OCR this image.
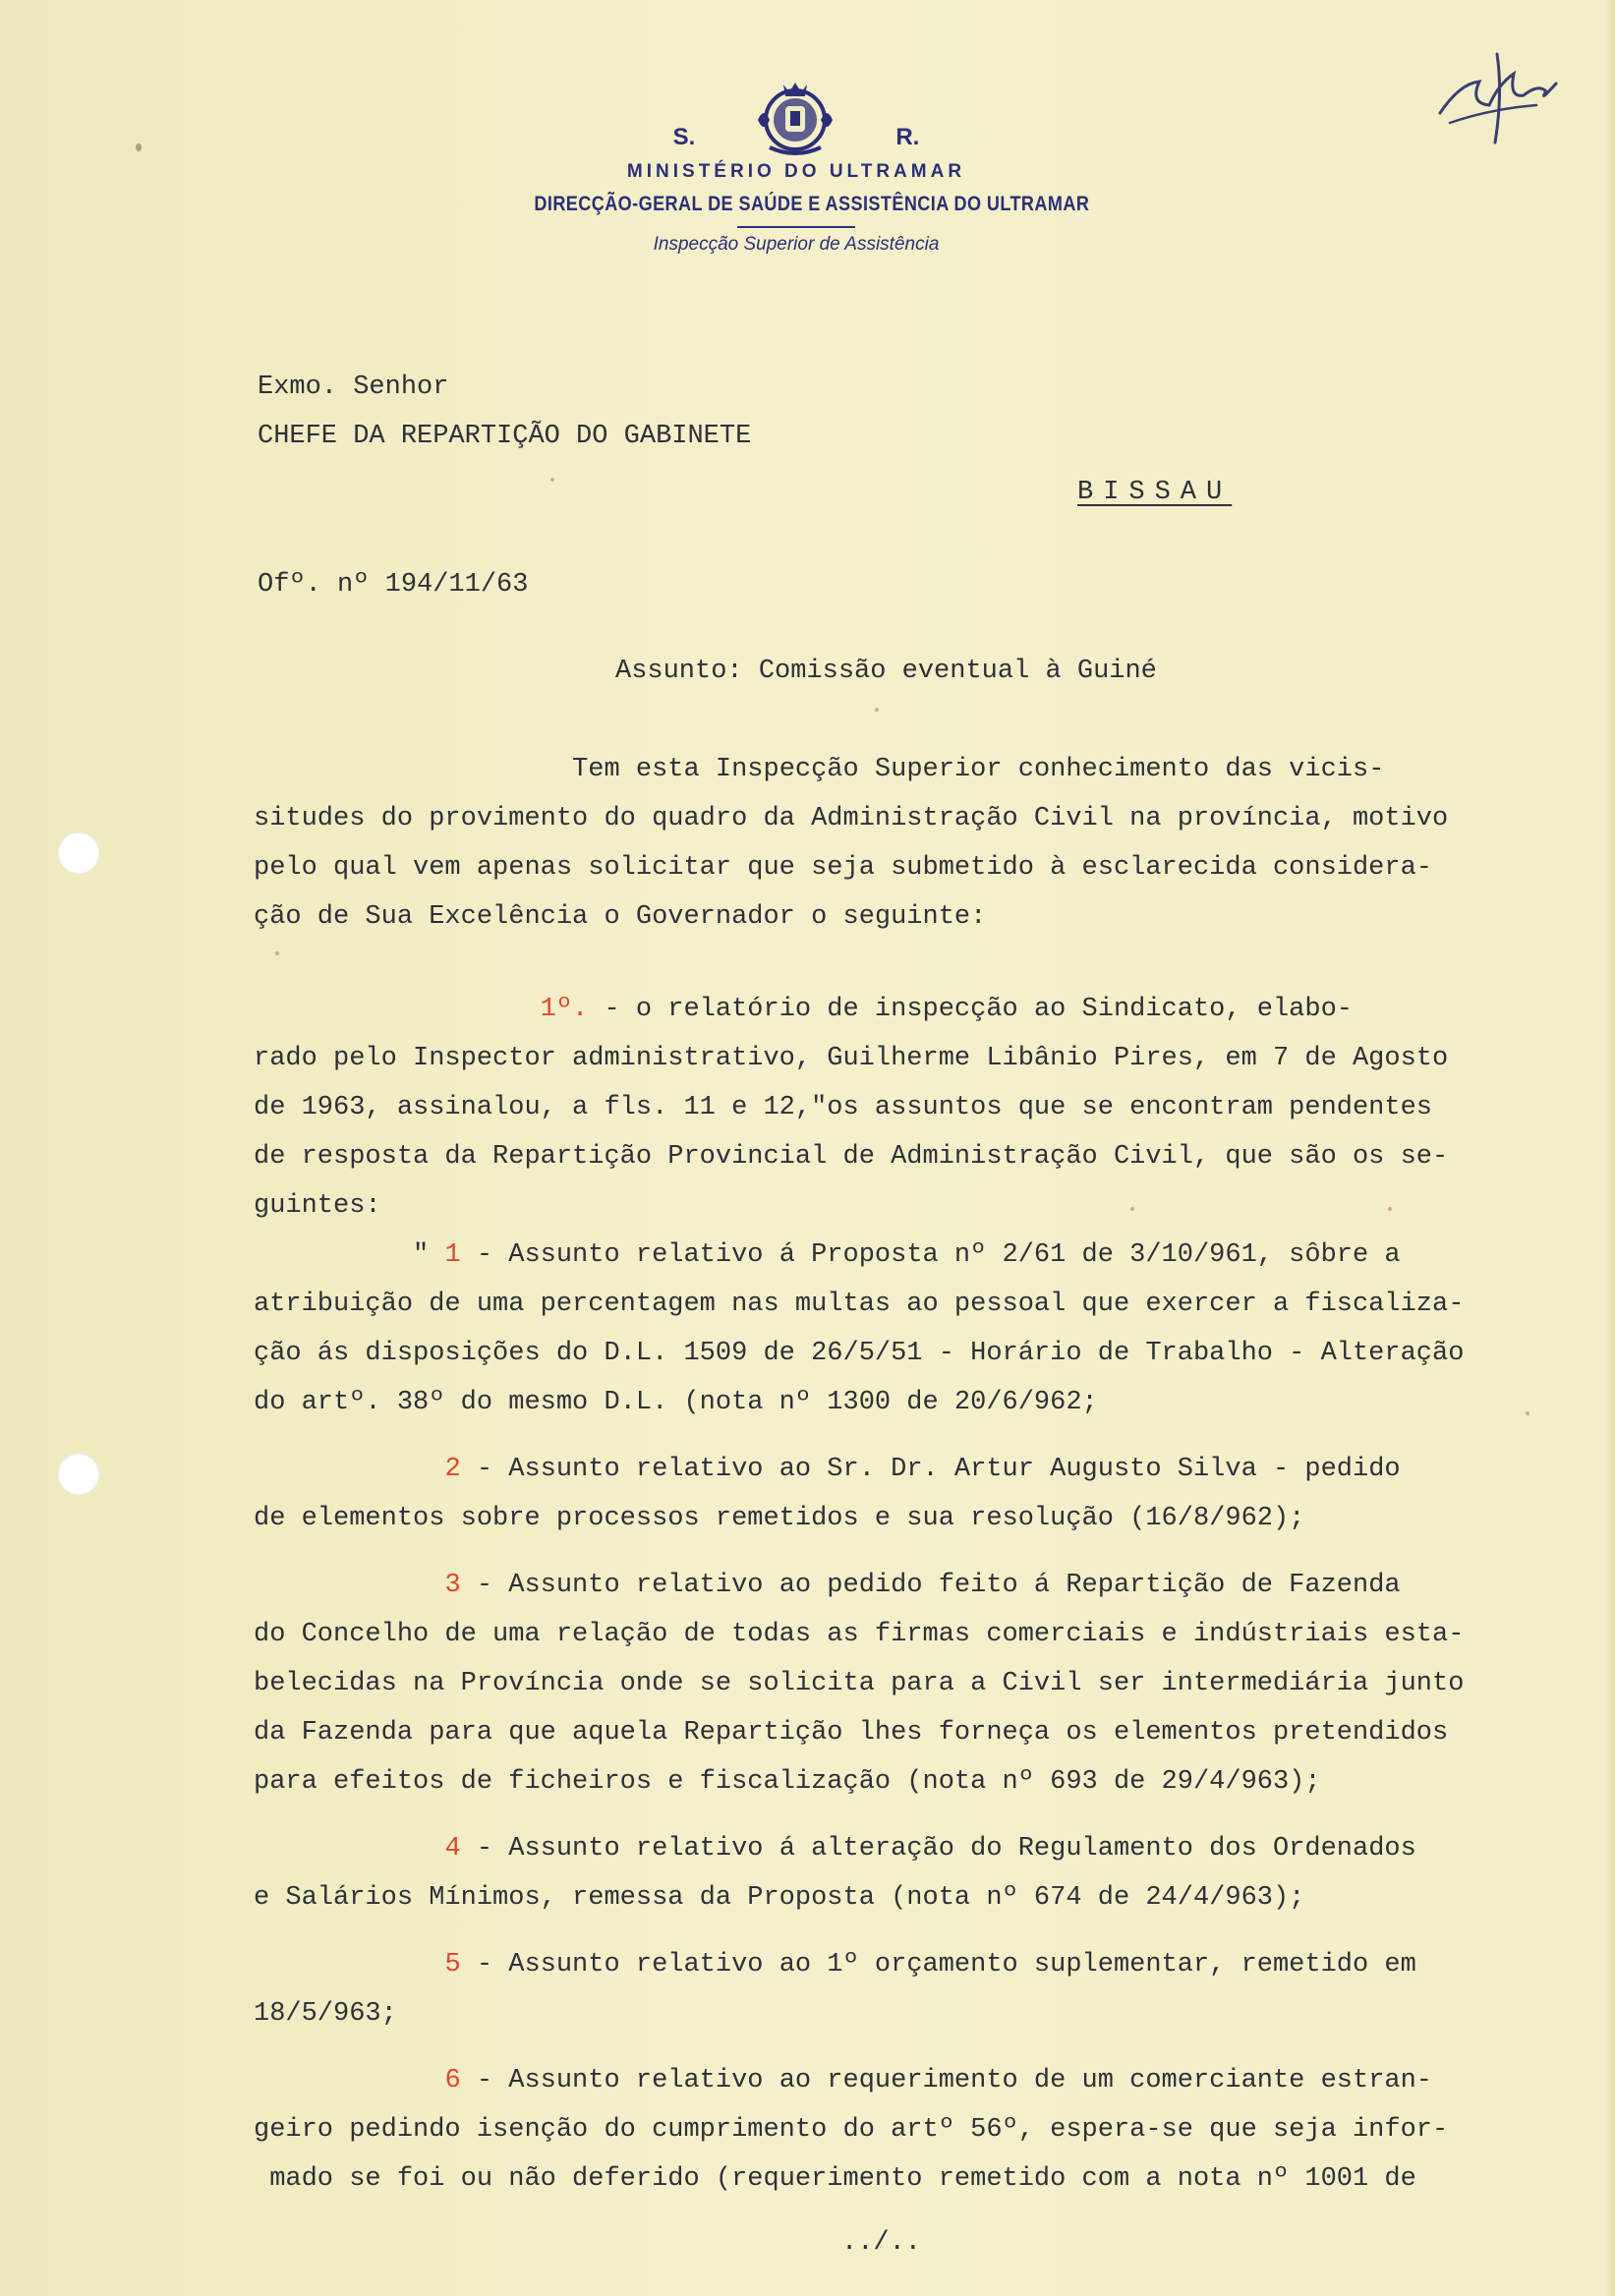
S.	R.
MINISTÉRIO DO ULTRAMAR
DIRECÇÃO-GERAL DE SAÚDE E ASSISTÊNCIA DO ULTRAMAR
Inspecção Superior de Assistência
Exmo. Senhor
CHEFE DA REPARTIÇÃO DO GABINETE
BISSAU
Ofº. nº 194/11/63
Assunto: Comissão eventual à Guiné
Tem esta Inspecção Superior conhecimento das vicis-
situdes do provimento do quadro da Administração Civil na província, motivo
pelo qual vem apenas solicitar que seja submetido à esclarecida considera-
ção de Sua Excelência o Governador o seguinte:
1º. - o relatório de inspecção ao Sindicato, elabo-
rado pelo Inspector administrativo, Guilherme Libânio Pires, em 7 de Agosto
de 1963, assinalou, a fls. 11 e 12,"os assuntos que se encontram pendentes
de resposta da Repartição Provincial de Administração Civil, que são os se-
guintes:
" 1 - Assunto relativo á Proposta nº 2/61 de 3/10/961, sôbre a
atribuição de uma percentagem nas multas ao pessoal que exercer a fiscaliza-
ção ás disposições do D.L. 1509 de 26/5/51 - Horário de Trabalho - Alteração
do artº. 38º do mesmo D.L. (nota nº 1300 de 20/6/962;
2 - Assunto relativo ao Sr. Dr. Artur Augusto Silva - pedido
de elementos sobre processos remetidos e sua resolução (16/8/962);
3 - Assunto relativo ao pedido feito á Repartição de Fazenda
do Concelho de uma relação de todas as firmas comerciais e indústriais esta-
belecidas na Província onde se solicita para a Civil ser intermediária junto
da Fazenda para que aquela Repartição lhes forneça os elementos pretendidos
para efeitos de ficheiros e fiscalização (nota nº 693 de 29/4/963);
4 - Assunto relativo á alteração do Regulamento dos Ordenados
e Salários Mínimos, remessa da Proposta (nota nº 674 de 24/4/963);
5 - Assunto relativo ao 1º orçamento suplementar, remetido em
18/5/963;
6 - Assunto relativo ao requerimento de um comerciante estran-
geiro pedindo isenção do cumprimento do artº 56º, espera-se que seja infor-
mado se foi ou não deferido (requerimento remetido com a nota nº 1001 de
../..
